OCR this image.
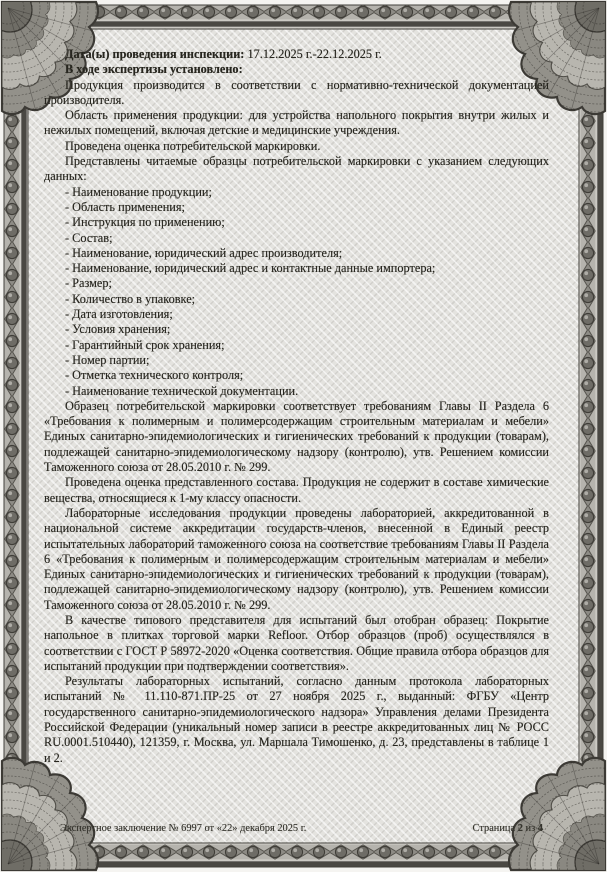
Дата(ы) проведения инспекции: 17.12.2025 г.-22.12.2025 г.

В ходе экспертизы установлено:

Продукция производится в соответствии с нормативно-технической документацией производителя.

Область применения продукции: для устройства напольного покрытия внутри жилых и нежилых помещений, включая детские и медицинские учреждения.

Проведена оценка потребительской маркировки.

Представлены читаемые образцы потребительской маркировки с указанием следующих данных:

- Наименование продукции;

- Область применения;

- Инструкция по применению;

- Состав;

- Наименование, юридический адрес производителя;

- Наименование, юридический адрес и контактные данные импортера;

- Размер;

- Количество в упаковке;

- Дата изготовления;

- Условия хранения;

- Гарантийный срок хранения;

- Номер партии;

- Отметка технического контроля;

- Наименование технической документации.

Образец потребительской маркировки соответствует требованиям Главы II Раздела 6 «Требования к полимерным и полимерсодержащим строительным материалам и мебели» Единых санитарно-эпидемиологических и гигиенических требований к продукции (товарам), подлежащей санитарно-эпидемиологическому надзору (контролю), утв. Решением комиссии Таможенного союза от 28.05.2010 г. № 299.

Проведена оценка представленного состава. Продукция не содержит в составе химические вещества, относящиеся к 1-му классу опасности.

Лабораторные исследования продукции проведены лабораторией, аккредитованной в национальной системе аккредитации государств-членов, внесенной в Единый реестр испытательных лабораторий таможенного союза на соответствие требованиям Главы II Раздела 6 «Требования к полимерным и полимерсодержащим строительным материалам и мебели» Единых санитарно-эпидемиологических и гигиенических требований к продукции (товарам), подлежащей санитарно-эпидемиологическому надзору (контролю), утв. Решением комиссии Таможенного союза от 28.05.2010 г. № 299.

В качестве типового представителя для испытаний был отобран образец: Покрытие напольное в плитках торговой марки Refloor. Отбор образцов (проб) осуществлялся в соответствии с ГОСТ Р 58972-2020 «Оценка соответствия. Общие правила отбора образцов для испытаний продукции при подтверждении соответствия».

Результаты лабораторных испытаний, согласно данным протокола лабораторных испытаний № 11.110-871.ПР-25 от 27 ноября 2025 г., выданный: ФГБУ «Центр государственного санитарно-эпидемиологического надзора» Управления делами Президента Российской Федерации (уникальный номер записи в реестре аккредитованных лиц № РОСС RU.0001.510440), 121359, г. Москва, ул. Маршала Тимошенко, д. 23, представлены в таблице 1 и 2.

Экспертное заключение № 6997 от «22» декабря 2025 г.	Страница 2 из 4
